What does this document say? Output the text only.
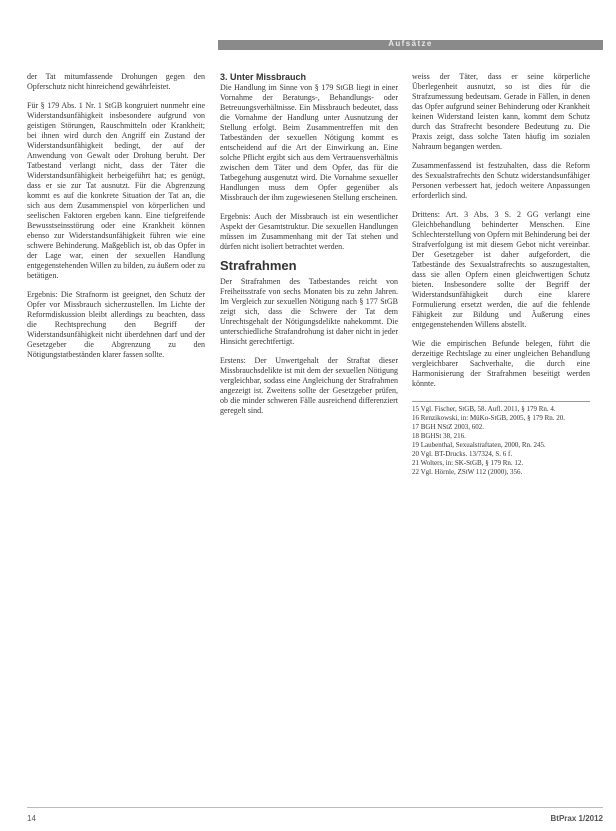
Aufsätze

der Tat mitumfassende Drohungen gegen den Opferschutz nicht hinreichend gewährleistet.

Für § 179 Abs. 1 Nr. 1 StGB kongruiert nunmehr eine Widerstandsunfähigkeit insbesondere aufgrund von geistigen Störungen, Rauschmitteln oder Krankheit; bei ihnen wird durch den Angriff ein Zustand der Widerstandsunfähigkeit bedingt, der auf der Anwendung von Gewalt oder Drohung beruht. Der Tatbestand verlangt nicht, dass der Täter die Widerstandsunfähigkeit herbeigeführt hat; es genügt, dass er sie zur Tat ausnutzt. Für die Abgrenzung kommt es auf die konkrete Situation der Tat an, die sich aus dem Zusammenspiel von körperlichen und seelischen Faktoren ergeben kann. Eine tiefgreifende Bewusstseinsstörung oder eine Krankheit können ebenso zur Widerstandsunfähigkeit führen wie eine schwere Behinderung. Maßgeblich ist, ob das Opfer in der Lage war, einen der sexuellen Handlung entgegenstehenden Willen zu bilden, zu äußern oder zu betätigen.

Ergebnis: Die Strafnorm ist geeignet, den Schutz der Opfer vor Missbrauch sicherzustellen. Im Lichte der Reformdiskussion bleibt allerdings zu beachten, dass die Rechtsprechung den Begriff der Widerstandsunfähigkeit nicht überdehnen darf und der Gesetzgeber die Abgrenzung zu den Nötigungstatbeständen klarer fassen sollte.

3. Unter Missbrauch

Die Handlung im Sinne von § 179 StGB liegt in einer Vornahme der Beratungs-, Behandlungs- oder Betreuungsverhältnisse. Ein Missbrauch bedeutet, dass die Vornahme der Handlung unter Ausnutzung der Stellung erfolgt. Beim Zusammentreffen mit den Tatbeständen der sexuellen Nötigung kommt es entscheidend auf die Art der Einwirkung an. Eine solche Pflicht ergibt sich aus dem Vertrauensverhältnis zwischen dem Täter und dem Opfer, das für die Tatbegehung ausgenutzt wird. Die Vornahme sexueller Handlungen muss dem Opfer gegenüber als Missbrauch der ihm zugewiesenen Stellung erscheinen.

Ergebnis: Auch der Missbrauch ist ein wesentlicher Aspekt der Gesamtstruktur. Die sexuellen Handlungen müssen im Zusammenhang mit der Tat stehen und dürfen nicht isoliert betrachtet werden.

Strafrahmen

Der Strafrahmen des Tatbestandes reicht von Freiheitsstrafe von sechs Monaten bis zu zehn Jahren. Im Vergleich zur sexuellen Nötigung nach § 177 StGB zeigt sich, dass die Schwere der Tat dem Unrechtsgehalt der Nötigungsdelikte nahekommt. Die unterschiedliche Strafandrohung ist daher nicht in jeder Hinsicht gerechtfertigt.

Erstens: Der Unwertgehalt der Straftat dieser Missbrauchsdelikte ist mit dem der sexuellen Nötigung vergleichbar, sodass eine Angleichung der Strafrahmen angezeigt ist. Zweitens sollte der Gesetzgeber prüfen, ob die minder schweren Fälle ausreichend differenziert geregelt sind.

weiss der Täter, dass er seine körperliche Überlegenheit ausnutzt, so ist dies für die Strafzumessung bedeutsam. Gerade in Fällen, in denen das Opfer aufgrund seiner Behinderung oder Krankheit keinen Widerstand leisten kann, kommt dem Schutz durch das Strafrecht besondere Bedeutung zu. Die Praxis zeigt, dass solche Taten häufig im sozialen Nahraum begangen werden.

Zusammenfassend ist festzuhalten, dass die Reform des Sexualstrafrechts den Schutz widerstandsunfähiger Personen verbessert hat, jedoch weitere Anpassungen erforderlich sind.

Drittens: Art. 3 Abs. 3 S. 2 GG verlangt eine Gleichbehandlung behinderter Menschen. Eine Schlechterstellung von Opfern mit Behinderung bei der Strafverfolgung ist mit diesem Gebot nicht vereinbar. Der Gesetzgeber ist daher aufgefordert, die Tatbestände des Sexualstrafrechts so auszugestalten, dass sie allen Opfern einen gleichwertigen Schutz bieten. Insbesondere sollte der Begriff der Widerstandsunfähigkeit durch eine klarere Formulierung ersetzt werden, die auf die fehlende Fähigkeit zur Bildung und Äußerung eines entgegenstehenden Willens abstellt.

Wie die empirischen Befunde belegen, führt die derzeitige Rechtslage zu einer ungleichen Behandlung vergleichbarer Sachverhalte, die durch eine Harmonisierung der Strafrahmen beseitigt werden könnte.

15 Vgl. Fischer, StGB, 58. Aufl. 2011, § 179 Rn. 4.
16 Renzikowski, in: MüKo-StGB, 2005, § 179 Rn. 20.
17 BGH NStZ 2003, 602.
18 BGHSt 38, 216.
19 Laubenthal, Sexualstraftaten, 2000, Rn. 245.
20 Vgl. BT-Drucks. 13/7324, S. 6 f.
21 Wolters, in: SK-StGB, § 179 Rn. 12.
22 Vgl. Hörnle, ZStW 112 (2000), 356.
14	BtPrax 1/2012
